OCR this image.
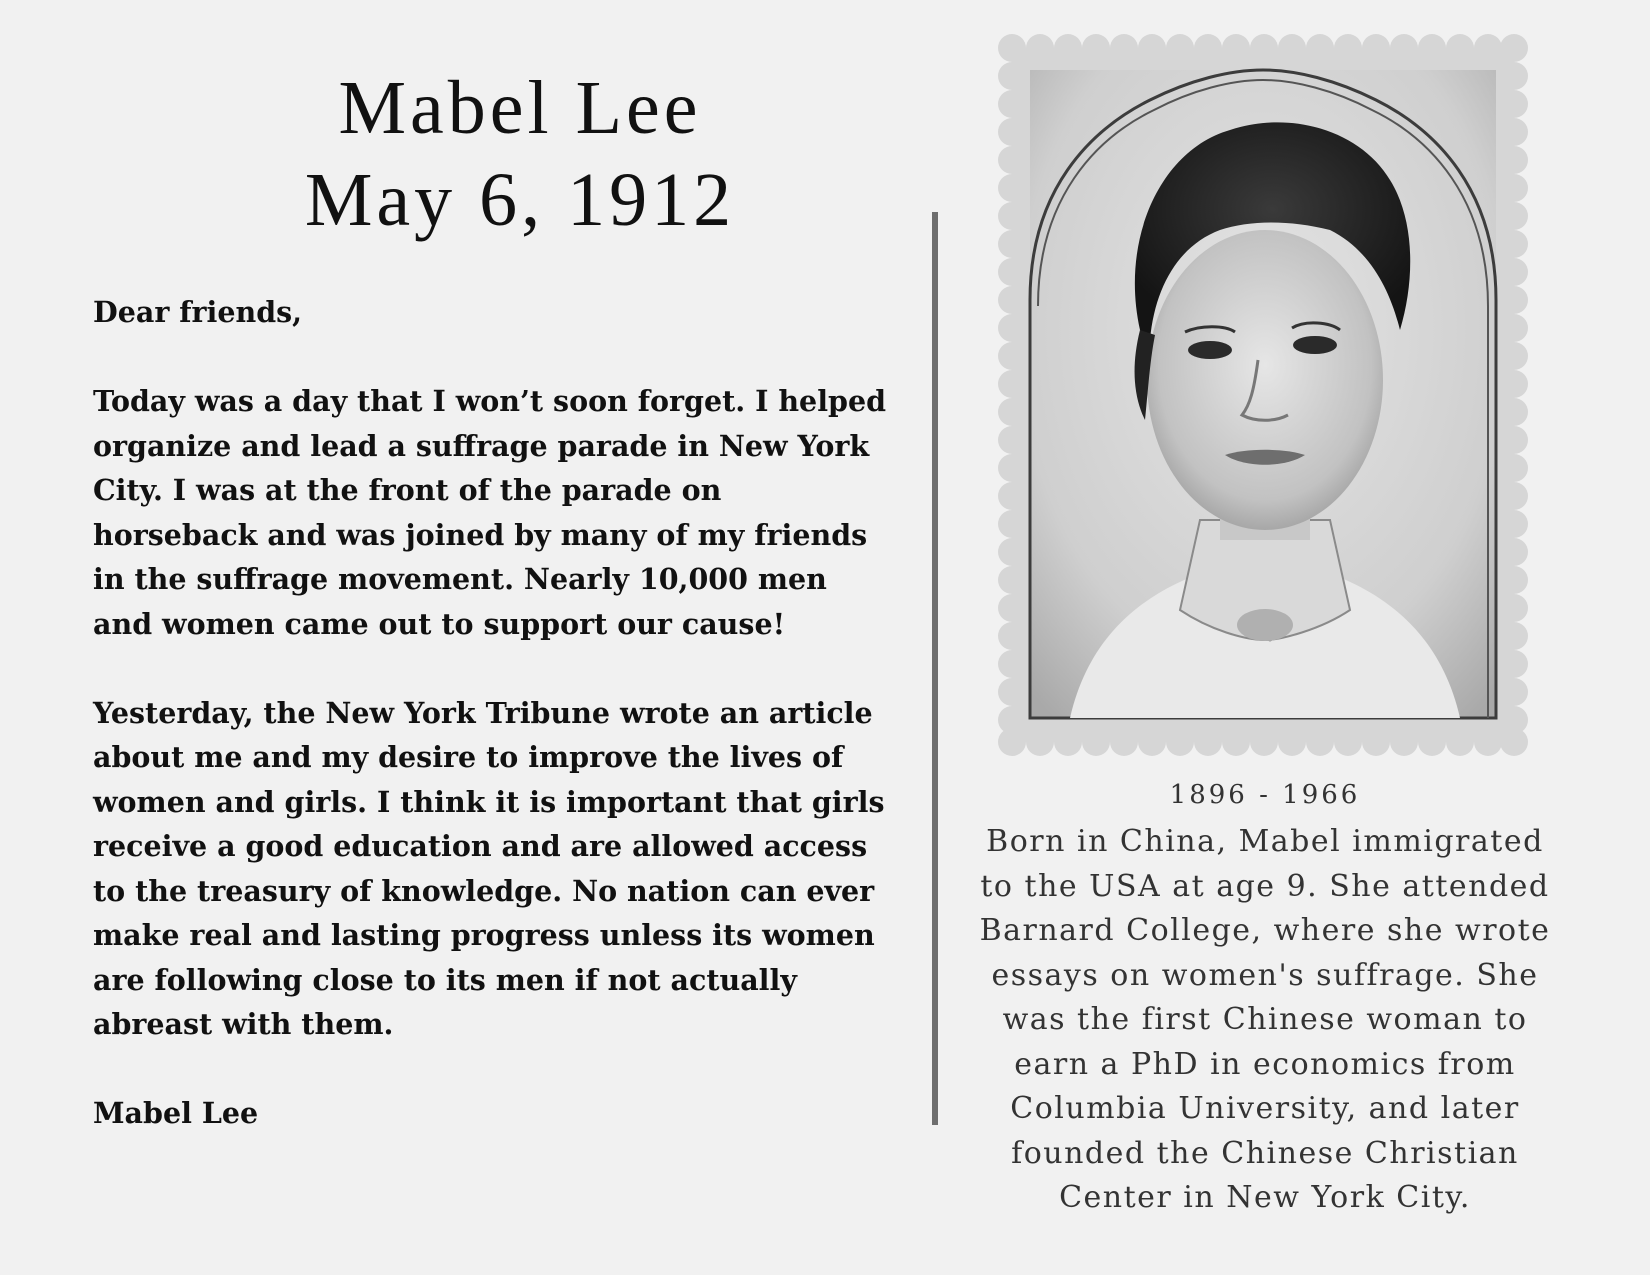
Mabel Lee
May 6, 1912

Dear friends,

Today was a day that I won’t soon forget. I helped organize and lead a suffrage parade in New York City. I was at the front of the parade on horseback and was joined by many of my friends in the suffrage movement. Nearly 10,000 men and women came out to support our cause!

Yesterday, the New York Tribune wrote an article about me and my desire to improve the lives of women and girls. I think it is important that girls receive a good education and are allowed access to the treasury of knowledge. No nation can ever make real and lasting progress unless its women are following close to its men if not actually abreast with them.

Mabel Lee

1896 - 1966
Born in China, Mabel immigrated
to the USA at age 9. She attended
Barnard College, where she wrote
essays on women's suffrage. She
was the first Chinese woman to
earn a PhD in economics from
Columbia University, and later
founded the Chinese Christian
Center in New York City.
